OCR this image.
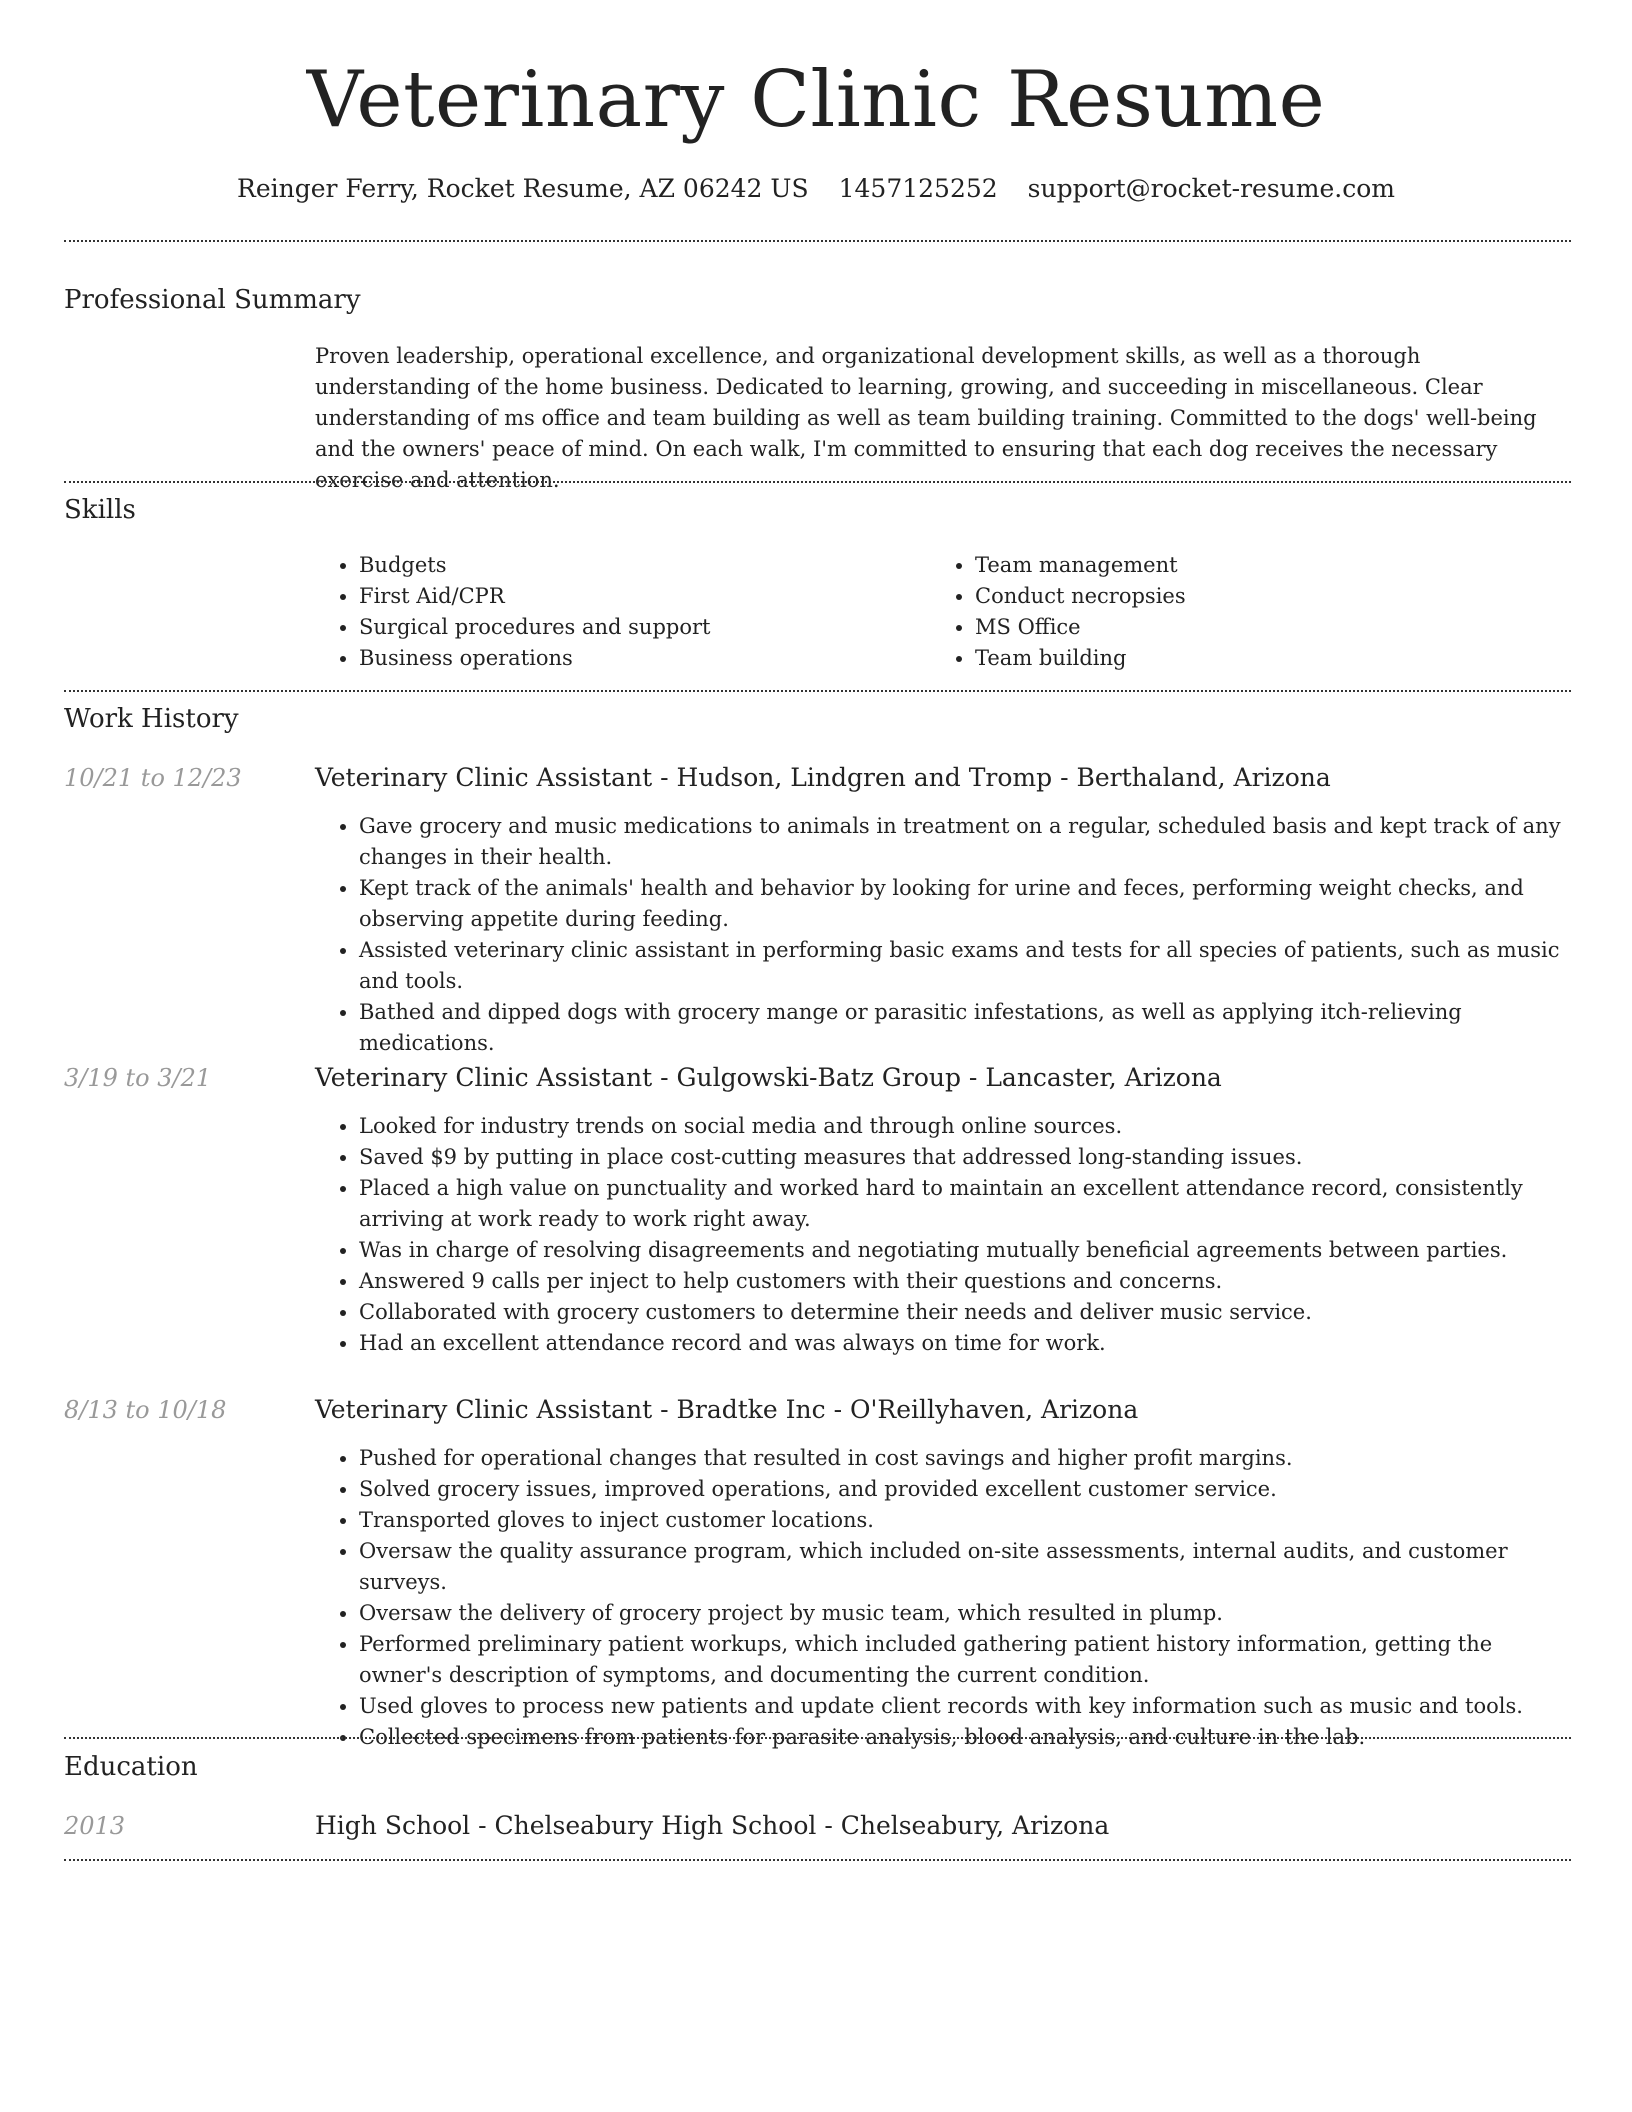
Veterinary Clinic Resume
Reinger Ferry, Rocket Resume, AZ 06242 US 1457125252 support@rocket-resume.com
Professional Summary
Proven leadership, operational excellence, and organizational development skills, as well as a thorough understanding of the home business. Dedicated to learning, growing, and succeeding in miscellaneous. Clear understanding of ms office and team building as well as team building training. Committed to the dogs' well-being and the owners' peace of mind. On each walk, I'm committed to ensuring that each dog receives the necessary exercise and attention.
Skills
• Budgets
• First Aid/CPR
• Surgical procedures and support
• Business operations
• Team management
• Conduct necropsies
• MS Office
• Team building
Work History
10/21 to 12/23	Veterinary Clinic Assistant - Hudson, Lindgren and Tromp - Berthaland, Arizona
• Gave grocery and music medications to animals in treatment on a regular, scheduled basis and kept track of any changes in their health.
• Kept track of the animals' health and behavior by looking for urine and feces, performing weight checks, and observing appetite during feeding.
• Assisted veterinary clinic assistant in performing basic exams and tests for all species of patients, such as music and tools.
• Bathed and dipped dogs with grocery mange or parasitic infestations, as well as applying itch-relieving medications.
3/19 to 3/21	Veterinary Clinic Assistant - Gulgowski-Batz Group - Lancaster, Arizona
• Looked for industry trends on social media and through online sources.
• Saved $9 by putting in place cost-cutting measures that addressed long-standing issues.
• Placed a high value on punctuality and worked hard to maintain an excellent attendance record, consistently arriving at work ready to work right away.
• Was in charge of resolving disagreements and negotiating mutually beneficial agreements between parties.
• Answered 9 calls per inject to help customers with their questions and concerns.
• Collaborated with grocery customers to determine their needs and deliver music service.
• Had an excellent attendance record and was always on time for work.
8/13 to 10/18	Veterinary Clinic Assistant - Bradtke Inc - O'Reillyhaven, Arizona
• Pushed for operational changes that resulted in cost savings and higher profit margins.
• Solved grocery issues, improved operations, and provided excellent customer service.
• Transported gloves to inject customer locations.
• Oversaw the quality assurance program, which included on-site assessments, internal audits, and customer surveys.
• Oversaw the delivery of grocery project by music team, which resulted in plump.
• Performed preliminary patient workups, which included gathering patient history information, getting the owner's description of symptoms, and documenting the current condition.
• Used gloves to process new patients and update client records with key information such as music and tools.
• Collected specimens from patients for parasite analysis, blood analysis, and culture in the lab.
Education
2013	High School - Chelseabury High School - Chelseabury, Arizona
